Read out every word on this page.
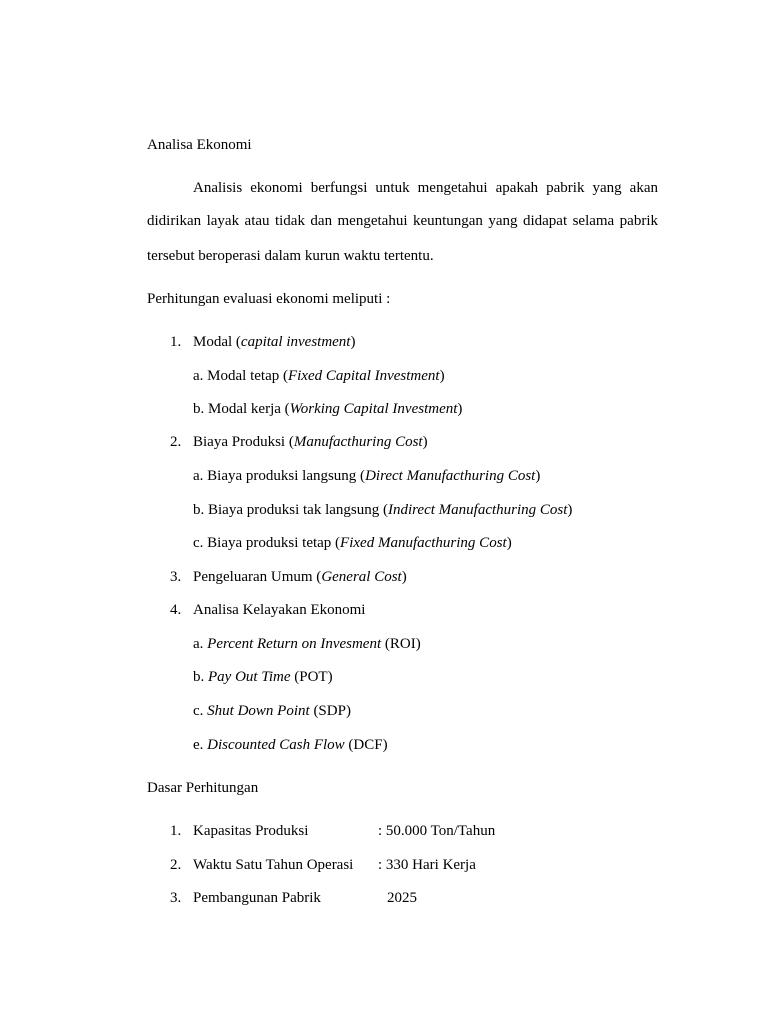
Analisa Ekonomi
Analisis ekonomi berfungsi untuk mengetahui apakah pabrik yang akan
didirikan layak atau tidak dan mengetahui keuntungan yang didapat selama pabrik
tersebut beroperasi dalam kurun waktu tertentu.
Perhitungan evaluasi ekonomi meliputi :
1. Modal (capital investment)
a. Modal tetap (Fixed Capital Investment)
b. Modal kerja (Working Capital Investment)
2. Biaya Produksi (Manufacthuring Cost)
a. Biaya produksi langsung (Direct Manufacthuring Cost)
b. Biaya produksi tak langsung (Indirect Manufacthuring Cost)
c. Biaya produksi tetap (Fixed Manufacthuring Cost)
3. Pengeluaran Umum (General Cost)
4. Analisa Kelayakan Ekonomi
a. Percent Return on Invesment (ROI)
b. Pay Out Time (POT)
c. Shut Down Point (SDP)
e. Discounted Cash Flow (DCF)
Dasar Perhitungan
1. Kapasitas Produksi	: 50.000 Ton/Tahun
2. Waktu Satu Tahun Operasi : 330 Hari Kerja
3. Pembangunan Pabrik	2025
